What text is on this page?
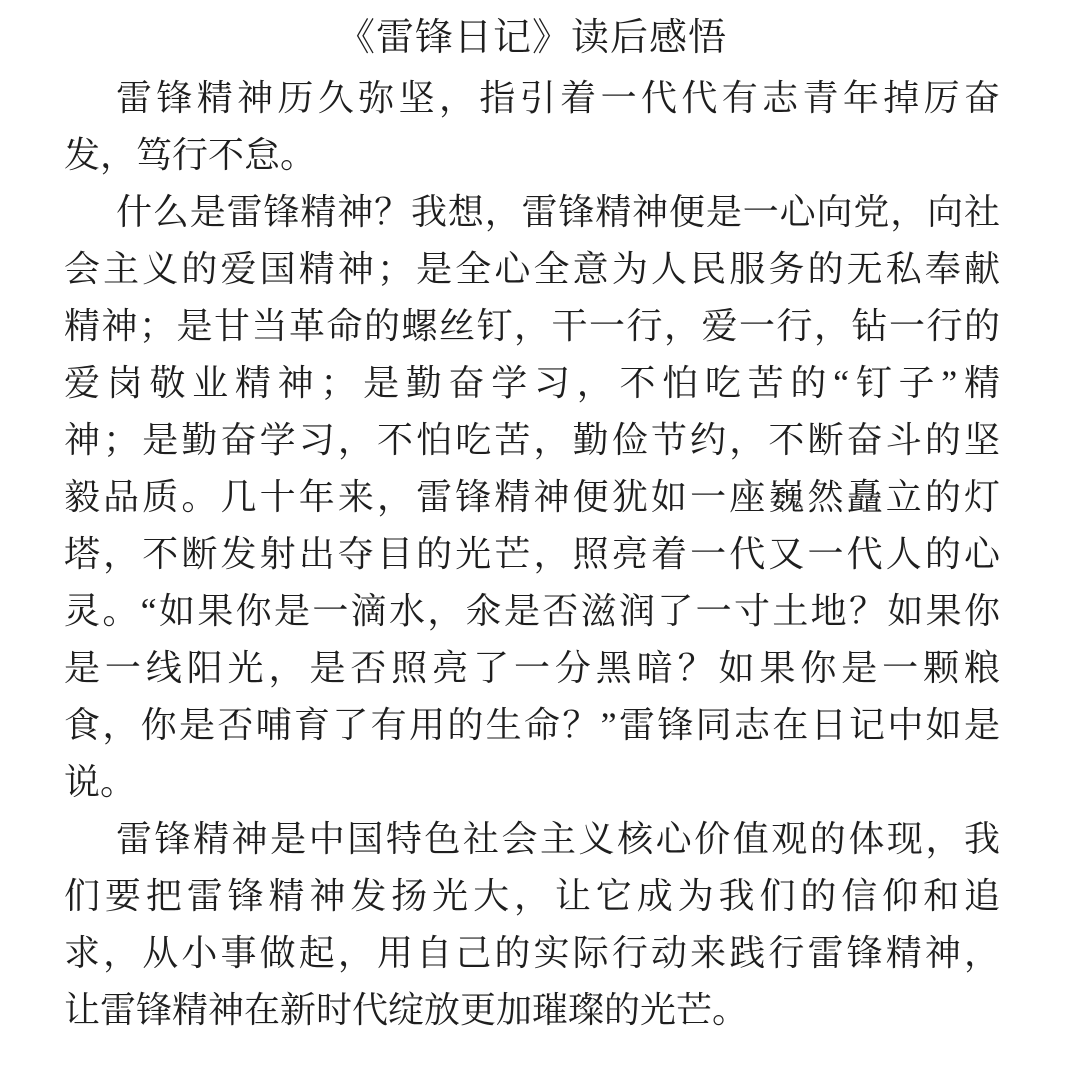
《雷锋日记》读后感悟
雷锋精神历久弥坚，指引着一代代有志青年掉厉奋
发，笃行不怠。
什么是雷锋精神？我想，雷锋精神便是一心向党，向社
会主义的爱国精神；是全心全意为人民服务的无私奉献
精神；是甘当革命的螺丝钉，干一行，爱一行，钻一行的
爱岗敬业精神；是勤奋学习，不怕吃苦的“钉子”精
神；是勤奋学习，不怕吃苦，勤俭节约，不断奋斗的坚
毅品质。几十年来，雷锋精神便犹如一座巍然矗立的灯
塔，不断发射出夺目的光芒，照亮着一代又一代人的心
灵。“如果你是一滴水，氽是否滋润了一寸土地？如果你
是一线阳光，是否照亮了一分黑暗？如果你是一颗粮
食，你是否哺育了有用的生命？”雷锋同志在日记中如是
说。
雷锋精神是中国特色社会主义核心价值观的体现，我
们要把雷锋精神发扬光大，让它成为我们的信仰和追
求，从小事做起，用自己的实际行动来践行雷锋精神，
让雷锋精神在新时代绽放更加璀璨的光芒。
